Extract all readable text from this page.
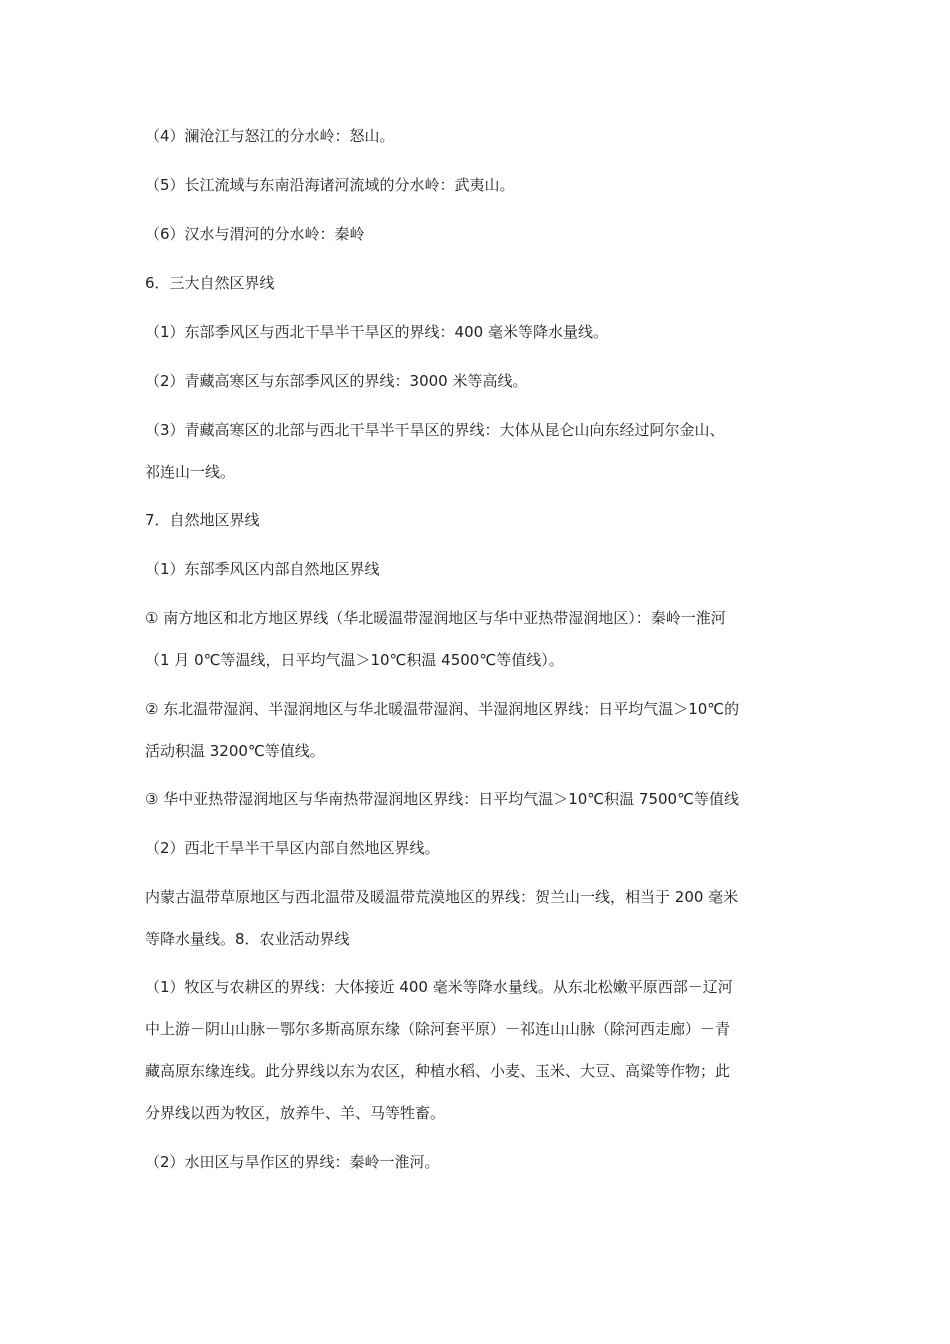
（4）澜沧江与怒江的分水岭：怒山。

（5）长江流域与东南沿海诸河流域的分水岭：武夷山。

（6）汉水与渭河的分水岭：秦岭

6．三大自然区界线

（1）东部季风区与西北干旱半干旱区的界线：400 毫米等降水量线。

（2）青藏高寒区与东部季风区的界线：3000 米等高线。

（3）青藏高寒区的北部与西北干旱半干旱区的界线：大体从昆仑山向东经过阿尔金山、

祁连山一线。

7．自然地区界线

（1）东部季风区内部自然地区界线

① 南方地区和北方地区界线（华北暖温带湿润地区与华中亚热带湿润地区）：秦岭一淮河

（1 月 0℃等温线，日平均气温＞10℃积温 4500℃等值线）。

② 东北温带湿润、半湿润地区与华北暖温带湿润、半湿润地区界线：日平均气温＞10℃的

活动积温 3200℃等值线。

③ 华中亚热带湿润地区与华南热带湿润地区界线：日平均气温＞10℃积温 7500℃等值线

（2）西北干旱半干旱区内部自然地区界线。

内蒙古温带草原地区与西北温带及暖温带荒漠地区的界线：贺兰山一线，相当于 200 毫米

等降水量线。8．农业活动界线

（1）牧区与农耕区的界线：大体接近 400 毫米等降水量线。从东北松嫩平原西部－辽河

中上游－阴山山脉－鄂尔多斯高原东缘（除河套平原）－祁连山山脉（除河西走廊）－青

藏高原东缘连线。此分界线以东为农区，种植水稻、小麦、玉米、大豆、高粱等作物；此

分界线以西为牧区，放养牛、羊、马等牲畜。

（2）水田区与旱作区的界线：秦岭一淮河。
